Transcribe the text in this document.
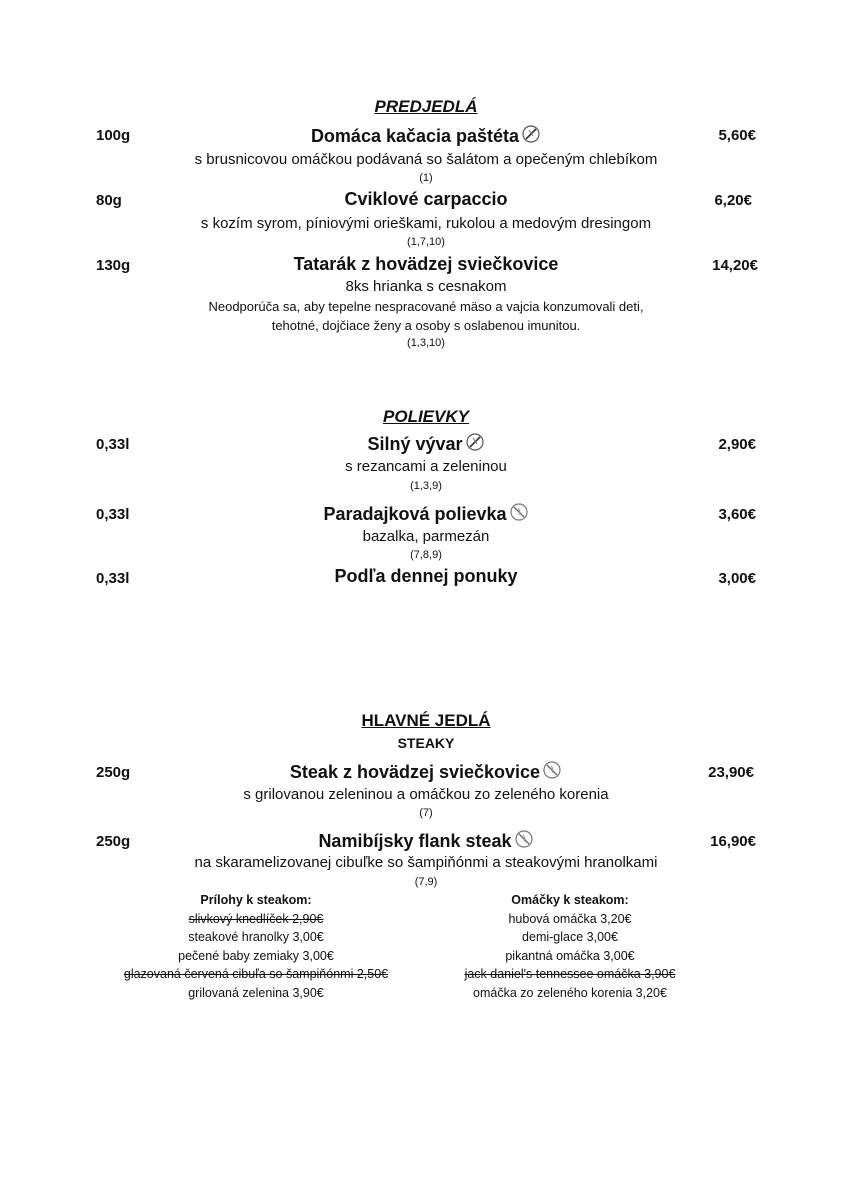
PREDJEDLÁ
100g	Domáca kačacia paštéta	5,60€
s brusnicovou omáčkou podávaná so šalátom a opečeným chlebíkom
(1)
80g	Cviklové carpaccio	6,20€
s kozím syrom, píniovými orieškami, rukolou a medovým dresingom
(1,7,10)
130g	Tatarák z hovädzej sviečkovice	14,20€
8ks hrianka s cesnakom
Neodporúča sa, aby tepelne nespracované mäso a vajcia konzumovali deti,
tehotné, dojčiace ženy a osoby s oslabenou imunitou.
(1,3,10)
POLIEVKY
0,33l	Silný vývar	2,90€
s rezancami a zeleninou
(1,3,9)
0,33l	Paradajková polievka	3,60€
bazalka, parmezán
(7,8,9)
0,33l	Podľa dennej ponuky	3,00€
HLAVNÉ JEDLÁ
STEAKY
250g	Steak z hovädzej sviečkovice	23,90€
s grilovanou zeleninou a omáčkou zo zeleného korenia
(7)
250g	Namibíjsky flank steak	16,90€
na skaramelizovanej cibuľke so šampiňónmi a steakovými hranolkami
(7,9)
Prílohy k steakom:
slivkový knedlíček 2,90€
steakové hranolky 3,00€
pečené baby zemiaky 3,00€
glazovaná červená cibuľa so šampiňónmi 2,50€
grilovaná zelenina 3,90€
Omáčky k steakom:
hubová omáčka 3,20€
demi-glace 3,00€
pikantná omáčka 3,00€
jack daniel's tennessee omáčka 3,90€
omáčka zo zeleného korenia 3,20€
